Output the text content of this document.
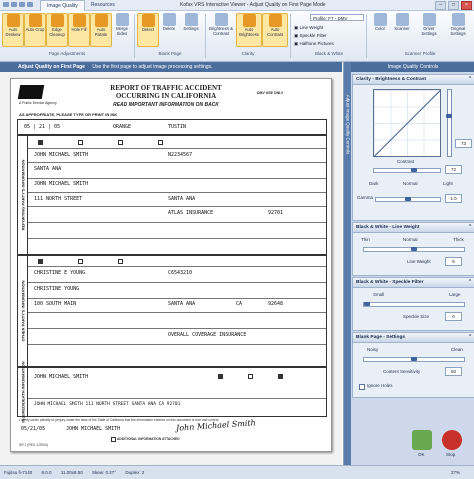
Image Quality	Resources	Kofax VRS Interactive Viewer - Adjust Quality on First Page Mode	–	□	×
Auto Deskew
Auto Crop	Edge Cleanup
Hole Fill	Auto Rotate
Merge Sides
Page Adjustments
Detect	Delete	Settings
Blank Page
Brightness & Contrast
Auto Brightness
Auto Contrast
Clarity
▣ Line Weight
▣ Speckle Filter
▣ Halftone Pictures
Profile: F7 - DMV
Black & White
Color	Scanner	Driver Settings
Original Settings
Scanner Profile
Adjust Quality on First Page Use the first page to adjust image processing settings.
A Public Service Agency
REPORT OF TRAFFIC ACCIDENT
OCCURRING IN CALIFORNIA
READ IMPORTANT INFORMATION ON BACK
DMV USE ONLY
AS APPROPRIATE, PLEASE TYPE OR PRINT IN INK
05 | 21 | 05	ORANGE	TUSTIN
REPORTING PARTY'S INFORMATION
JOHN MICHAEL SMITH	N2234567
SANTA ANA
JOHN MICHAEL SMITH
111 NORTH STREET	SANTA ANA
ATLAS INSURANCE	92701
OTHER PARTY'S INFORMATION
CHRISTINE E YOUNG	C6543210
CHRISTINE YOUNG
100 SOUTH MAIN	SANTA ANA	CA	92648
OVERALL COVERAGE INSURANCE
INJURED/DEATH INFORMATION JOHN MICHAEL SMITH
JOHN MICHAEL SMITH 111 NORTH STREET SANTA ANA CA 92701
I certify under penalty of perjury under the laws of the State of California that the information entered on this document is true and correct.
05/21/05	JOHN MICHAEL SMITH	John Michael Smith
ADDITIONAL INFORMATION ATTACHED
SR 1 (REV. 1/2004)
Adjust Image Quality Controls
Image Quality Controls
Clarity - Brightness & Contrast	⌃
Contrast
73
72
Dark	Normal	Light
Gamma	1.0
Black & White - Line Weight	⌃
Thin	Normal	Thick
Line Weight	5
Black & White - Speckle Filter	⌃
Small	Large
Speckle Size	0
Blank Page - Settings	⌃
Noisy	Clean
Content Sensitivity	50
Ignore Holes
OK	Stop
Fujitsu fi-7140 8.0.0 11.00x8.50 Skew: 0.27° Duplex: 2	27%
